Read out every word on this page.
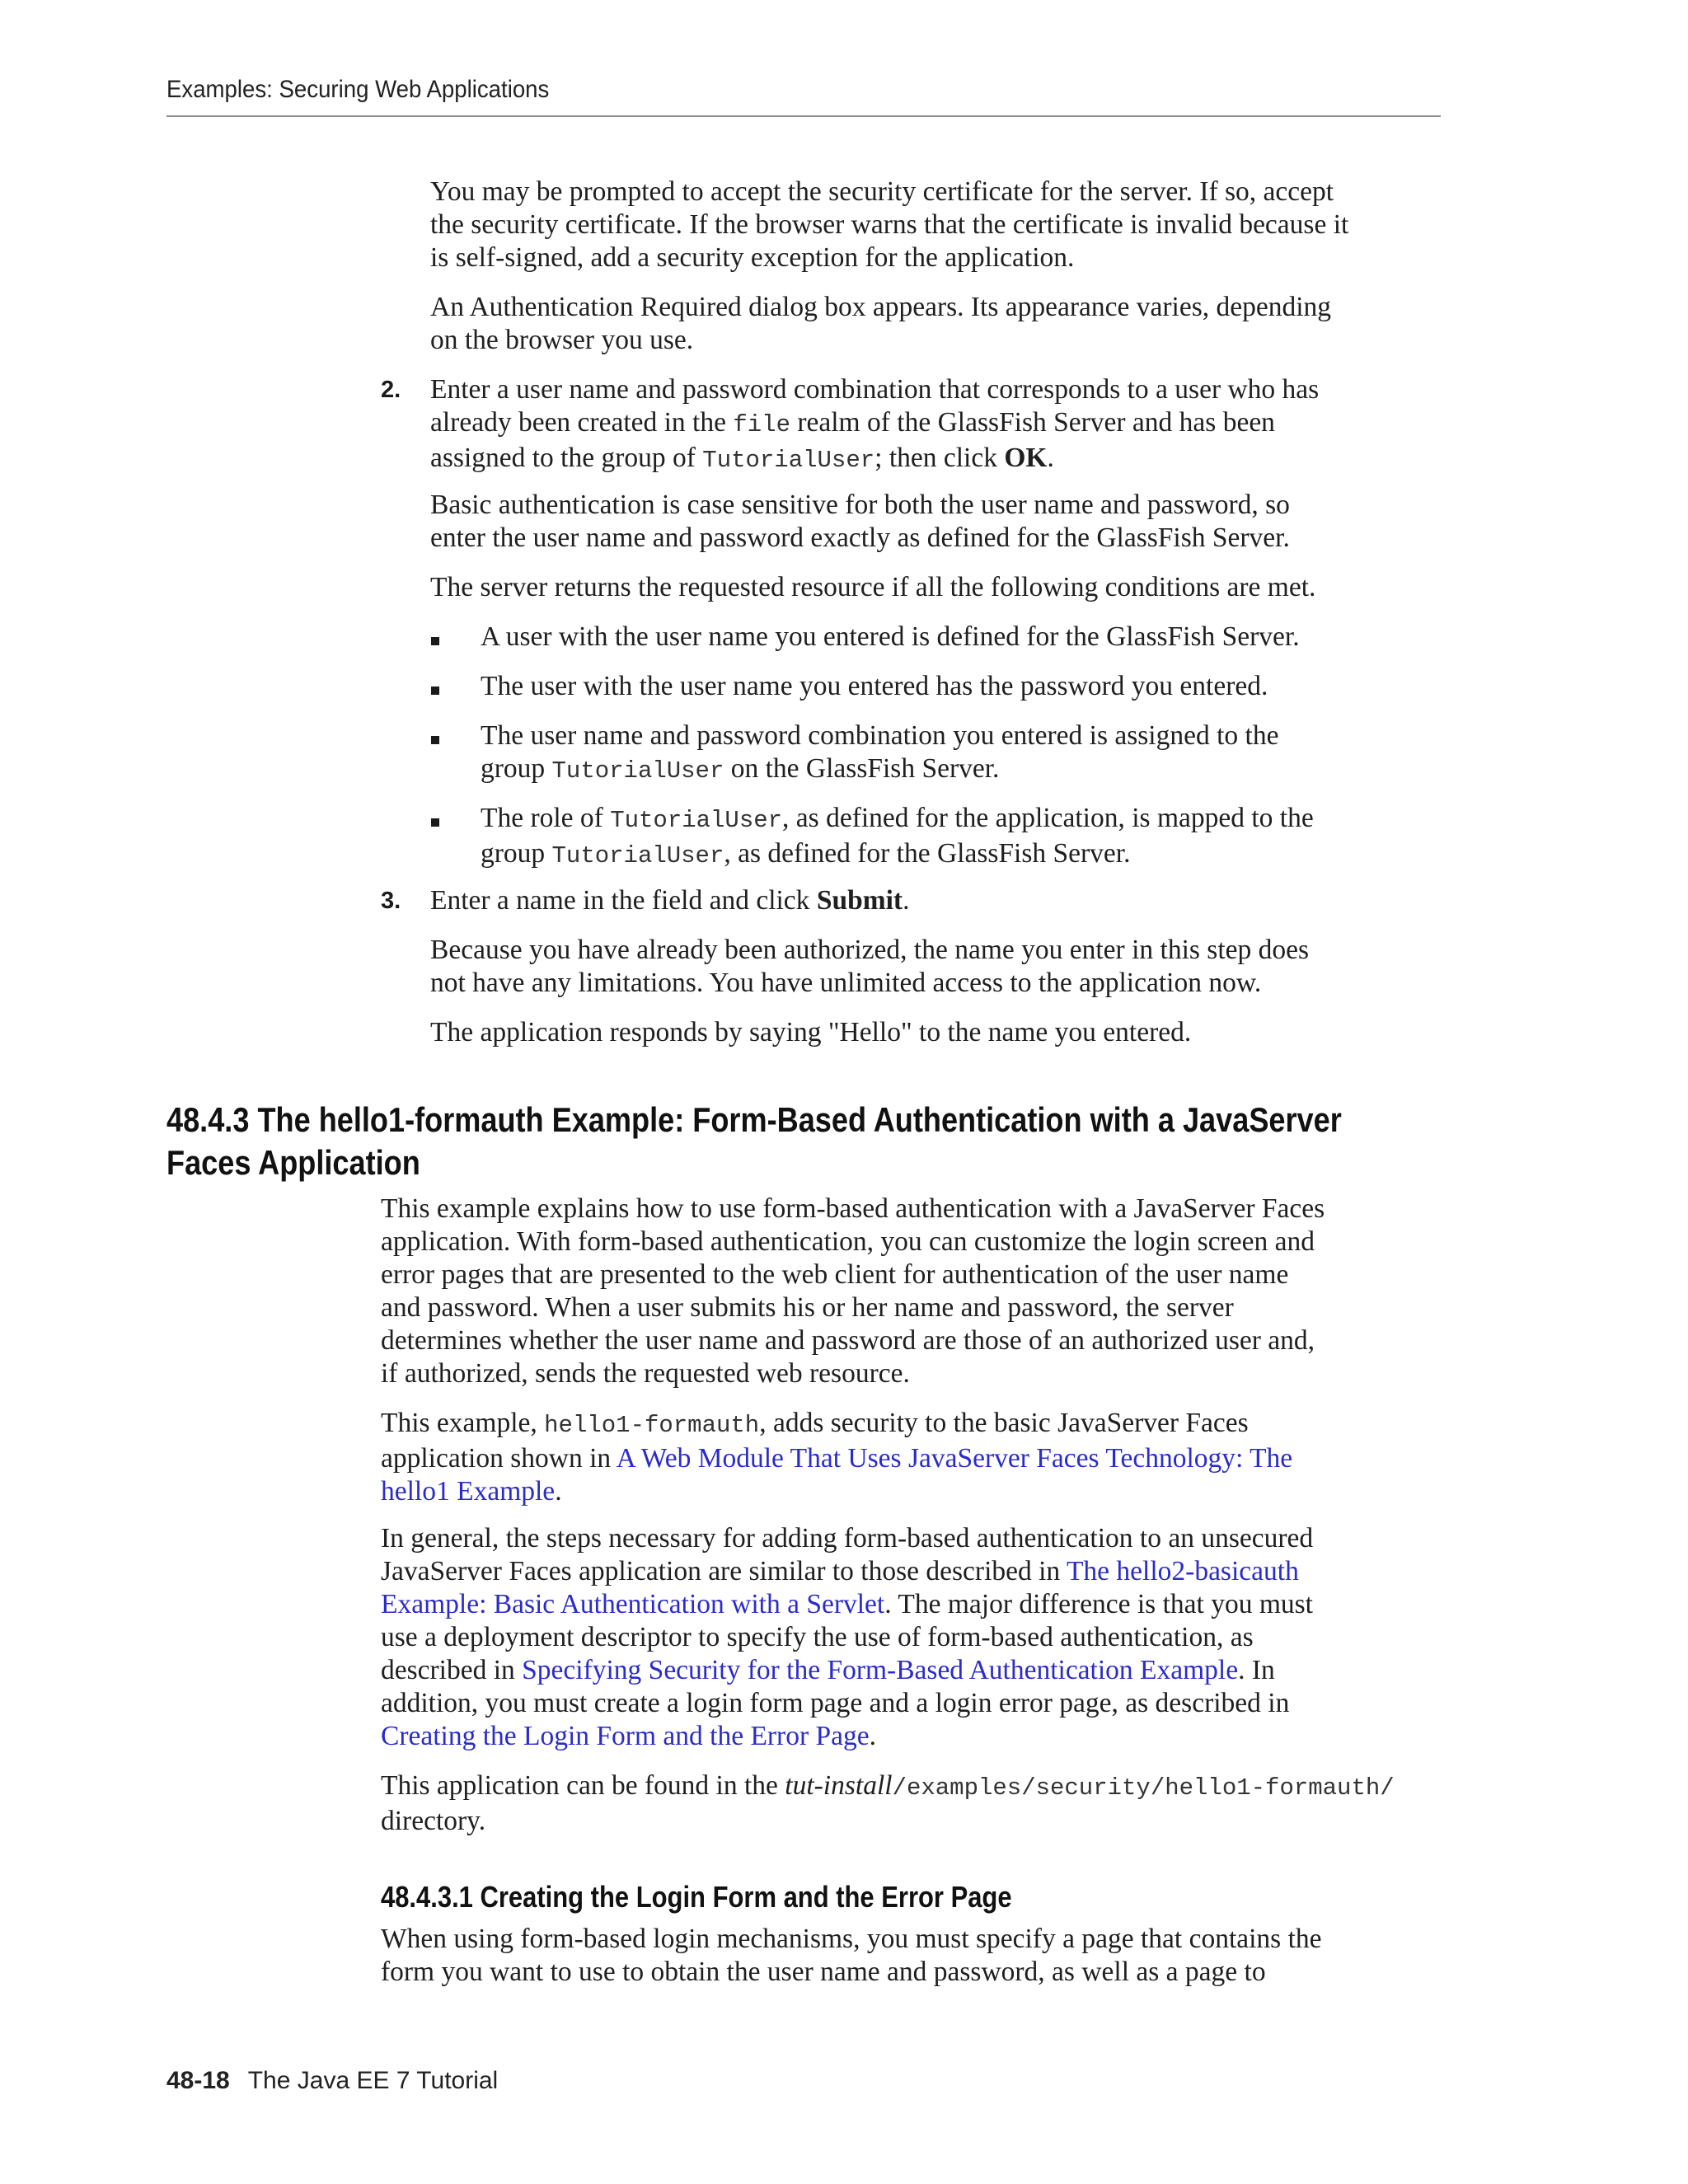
Examples: Securing Web Applications
You may be prompted to accept the security certificate for the server. If so, accept
the security certificate. If the browser warns that the certificate is invalid because it
is self-signed, add a security exception for the application.
An Authentication Required dialog box appears. Its appearance varies, depending
on the browser you use.
2. Enter a user name and password combination that corresponds to a user who has
already been created in the file realm of the GlassFish Server and has been
assigned to the group of TutorialUser; then click OK.
Basic authentication is case sensitive for both the user name and password, so
enter the user name and password exactly as defined for the GlassFish Server.
The server returns the requested resource if all the following conditions are met.
A user with the user name you entered is defined for the GlassFish Server.
The user with the user name you entered has the password you entered.
The user name and password combination you entered is assigned to the
group TutorialUser on the GlassFish Server.
The role of TutorialUser, as defined for the application, is mapped to the
group TutorialUser, as defined for the GlassFish Server.
3. Enter a name in the field and click Submit.
Because you have already been authorized, the name you enter in this step does
not have any limitations. You have unlimited access to the application now.
The application responds by saying "Hello" to the name you entered.
48.4.3 The hello1-formauth Example: Form-Based Authentication with a JavaServer
Faces Application
This example explains how to use form-based authentication with a JavaServer Faces
application. With form-based authentication, you can customize the login screen and
error pages that are presented to the web client for authentication of the user name
and password. When a user submits his or her name and password, the server
determines whether the user name and password are those of an authorized user and,
if authorized, sends the requested web resource.
This example, hello1-formauth, adds security to the basic JavaServer Faces
application shown in A Web Module That Uses JavaServer Faces Technology: The
hello1 Example.
In general, the steps necessary for adding form-based authentication to an unsecured
JavaServer Faces application are similar to those described in The hello2-basicauth
Example: Basic Authentication with a Servlet. The major difference is that you must
use a deployment descriptor to specify the use of form-based authentication, as
described in Specifying Security for the Form-Based Authentication Example. In
addition, you must create a login form page and a login error page, as described in
Creating the Login Form and the Error Page.
This application can be found in the tut-install/examples/security/hello1-formauth/
directory.
48.4.3.1 Creating the Login Form and the Error Page
When using form-based login mechanisms, you must specify a page that contains the
form you want to use to obtain the user name and password, as well as a page to
48-18 The Java EE 7 Tutorial
